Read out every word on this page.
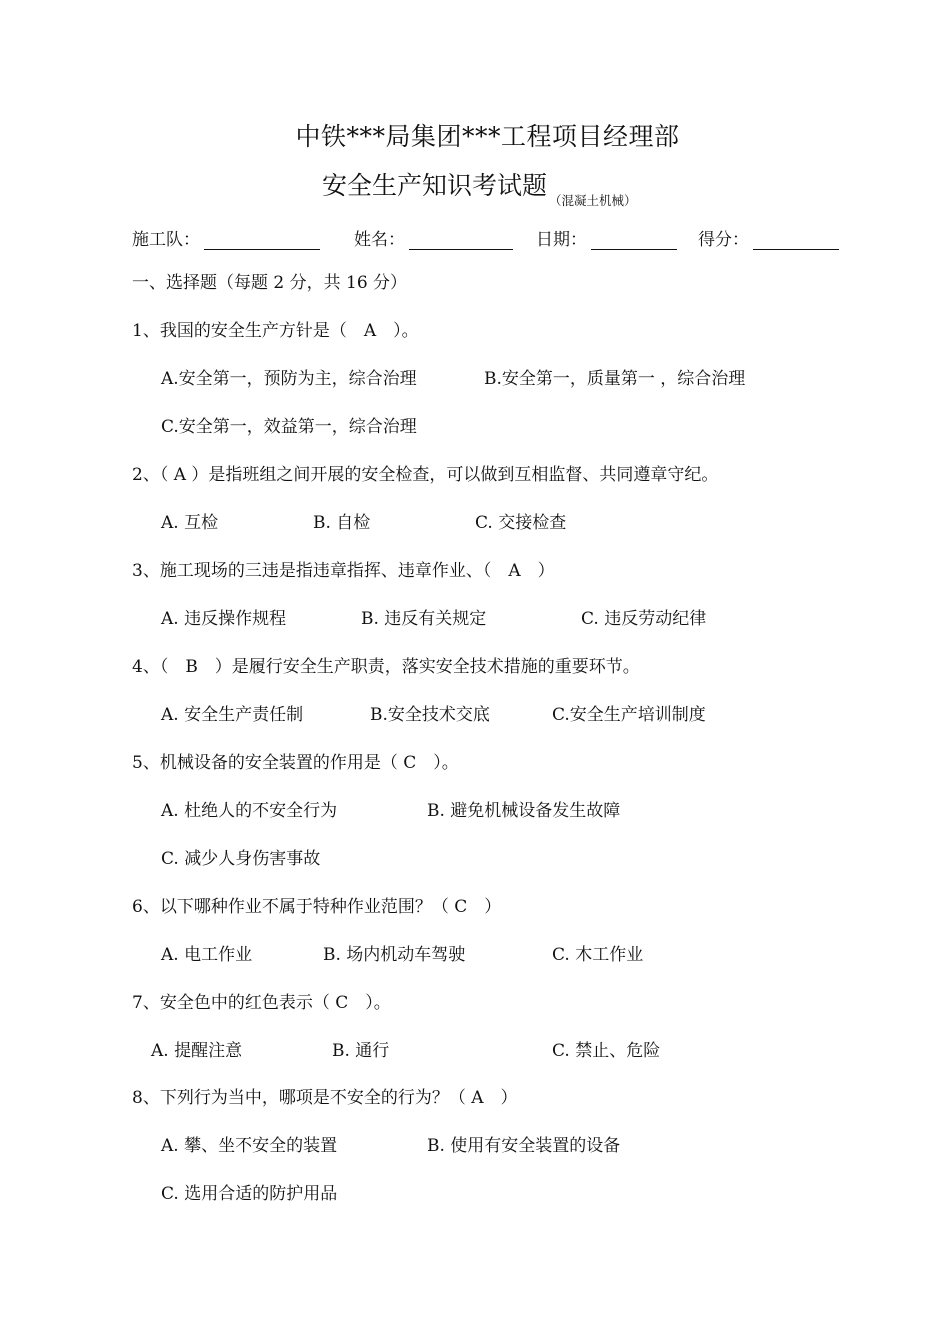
中铁***局集团***工程项目经理部
安全生产知识考试题$_{(混凝土机械)}$
施工队：	姓名：	日期：	得分：
一、选择题（每题 2 分，共 16 分）
1、我国的安全生产方针是（　A　）。
A.安全第一，预防为主，综合治理	B.安全第一，质量第一 ，综合治理
C.安全第一，效益第一，综合治理
2、（ A ）是指班组之间开展的安全检查，可以做到互相监督、共同遵章守纪。
A. 互检	B. 自检	C. 交接检查
3、施工现场的三违是指违章指挥、违章作业、（　A　）
A. 违反操作规程	B. 违反有关规定	C. 违反劳动纪律
4、（　B　）是履行安全生产职责，落实安全技术措施的重要环节。
A. 安全生产责任制	B.安全技术交底	C.安全生产培训制度
5、机械设备的安全装置的作用是（ C　）。
A. 杜绝人的不安全行为	B. 避免机械设备发生故障
C. 减少人身伤害事故
6、以下哪种作业不属于特种作业范围？（ C　）
A. 电工作业	B. 场内机动车驾驶	C. 木工作业
7、安全色中的红色表示（ C　）。
A. 提醒注意	B. 通行	C. 禁止、危险
8、下列行为当中，哪项是不安全的行为？（ A　）
A. 攀、坐不安全的装置	B. 使用有安全装置的设备
C. 选用合适的防护用品
